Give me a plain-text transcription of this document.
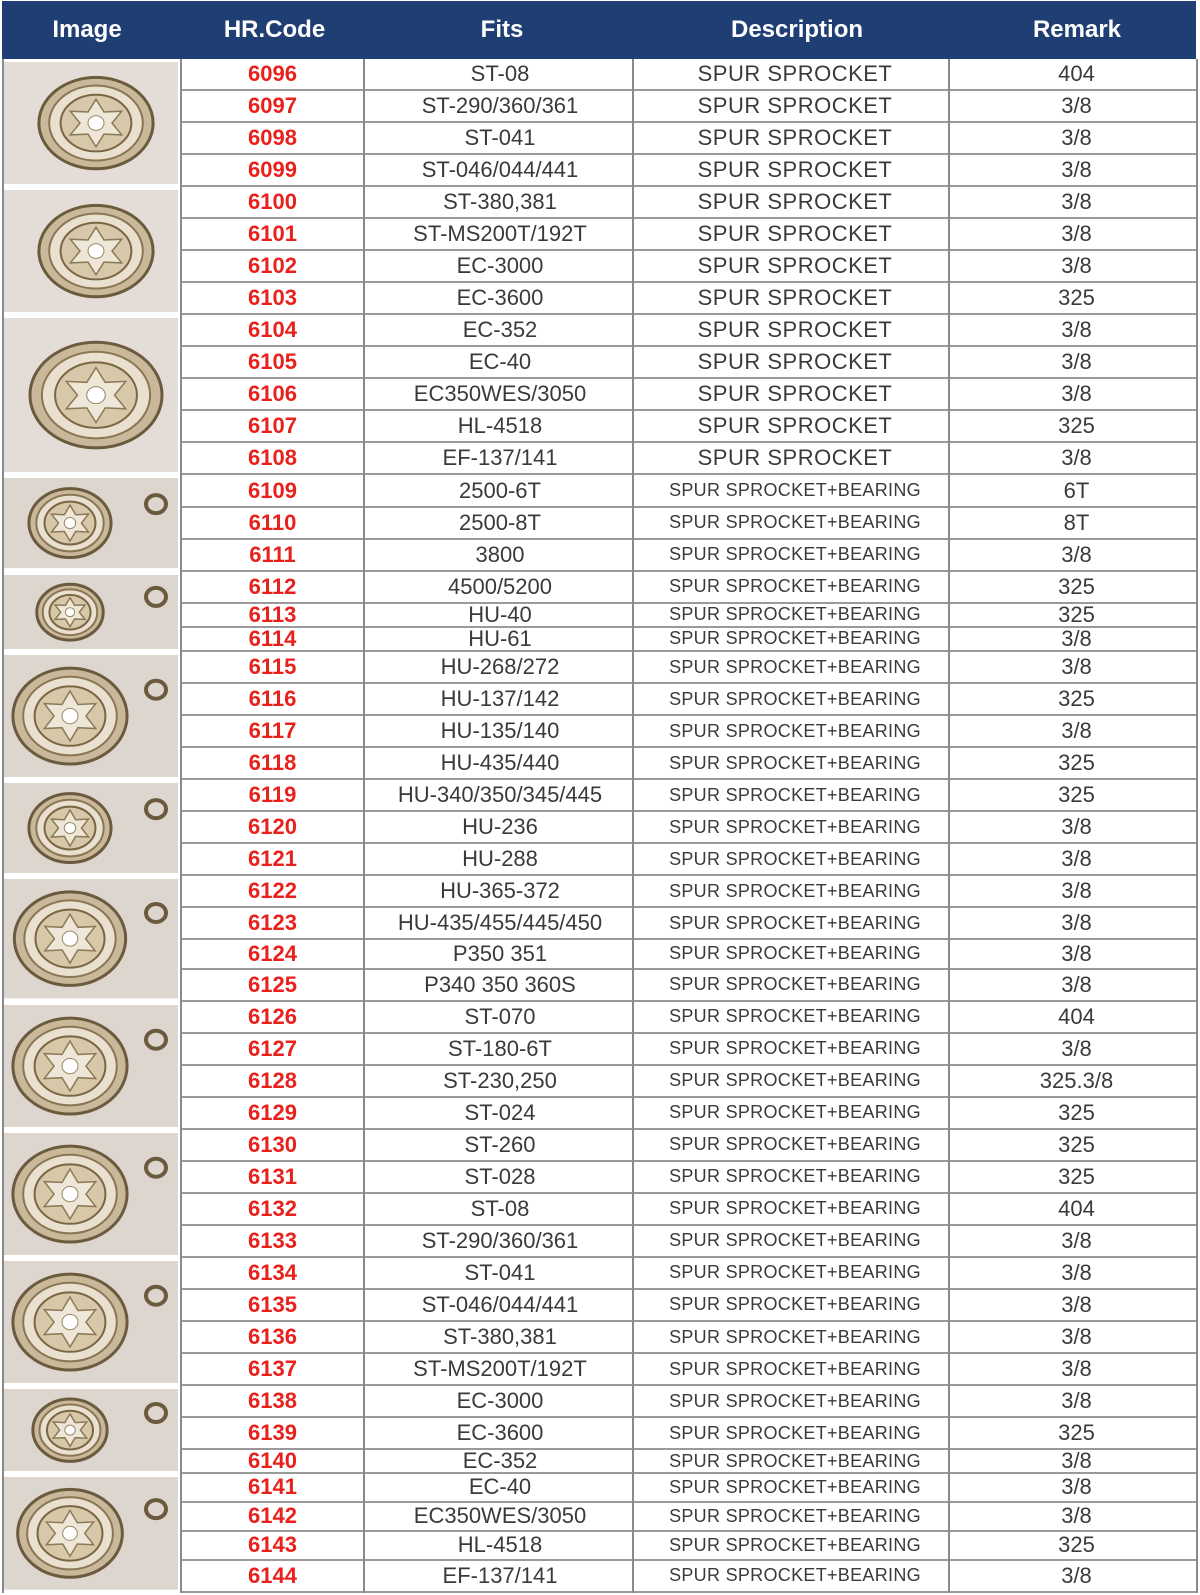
Image	HR.Code	Fits	Description	Remark
6096	ST-08	SPUR SPROCKET	404
6097	ST-290/360/361	SPUR SPROCKET	3/8
6098	ST-041	SPUR SPROCKET	3/8
6099	ST-046/044/441	SPUR SPROCKET	3/8
6100	ST-380,381	SPUR SPROCKET	3/8
6101	ST-MS200T/192T	SPUR SPROCKET	3/8
6102	EC-3000	SPUR SPROCKET	3/8
6103	EC-3600	SPUR SPROCKET	325
6104	EC-352	SPUR SPROCKET	3/8
6105	EC-40	SPUR SPROCKET	3/8
6106	EC350WES/3050	SPUR SPROCKET	3/8
6107	HL-4518	SPUR SPROCKET	325
6108	EF-137/141	SPUR SPROCKET	3/8
6109	2500-6T	SPUR SPROCKET+BEARING	6T
6110	2500-8T	SPUR SPROCKET+BEARING	8T
6111	3800	SPUR SPROCKET+BEARING	3/8
6112	4500/5200	SPUR SPROCKET+BEARING	325
6113	HU-40	SPUR SPROCKET+BEARING	325
6114	HU-61	SPUR SPROCKET+BEARING	3/8
6115	HU-268/272	SPUR SPROCKET+BEARING	3/8
6116	HU-137/142	SPUR SPROCKET+BEARING	325
6117	HU-135/140	SPUR SPROCKET+BEARING	3/8
6118	HU-435/440	SPUR SPROCKET+BEARING	325
6119	HU-340/350/345/445	SPUR SPROCKET+BEARING	325
6120	HU-236	SPUR SPROCKET+BEARING	3/8
6121	HU-288	SPUR SPROCKET+BEARING	3/8
6122	HU-365-372	SPUR SPROCKET+BEARING	3/8
6123	HU-435/455/445/450	SPUR SPROCKET+BEARING	3/8
6124	P350 351	SPUR SPROCKET+BEARING	3/8
6125	P340 350 360S	SPUR SPROCKET+BEARING	3/8
6126	ST-070	SPUR SPROCKET+BEARING	404
6127	ST-180-6T	SPUR SPROCKET+BEARING	3/8
6128	ST-230,250	SPUR SPROCKET+BEARING	325.3/8
6129	ST-024	SPUR SPROCKET+BEARING	325
6130	ST-260	SPUR SPROCKET+BEARING	325
6131	ST-028	SPUR SPROCKET+BEARING	325
6132	ST-08	SPUR SPROCKET+BEARING	404
6133	ST-290/360/361	SPUR SPROCKET+BEARING	3/8
6134	ST-041	SPUR SPROCKET+BEARING	3/8
6135	ST-046/044/441	SPUR SPROCKET+BEARING	3/8
6136	ST-380,381	SPUR SPROCKET+BEARING	3/8
6137	ST-MS200T/192T	SPUR SPROCKET+BEARING	3/8
6138	EC-3000	SPUR SPROCKET+BEARING	3/8
6139	EC-3600	SPUR SPROCKET+BEARING	325
6140	EC-352	SPUR SPROCKET+BEARING	3/8
6141	EC-40	SPUR SPROCKET+BEARING	3/8
6142	EC350WES/3050	SPUR SPROCKET+BEARING	3/8
6143	HL-4518	SPUR SPROCKET+BEARING	325
6144	EF-137/141	SPUR SPROCKET+BEARING	3/8
